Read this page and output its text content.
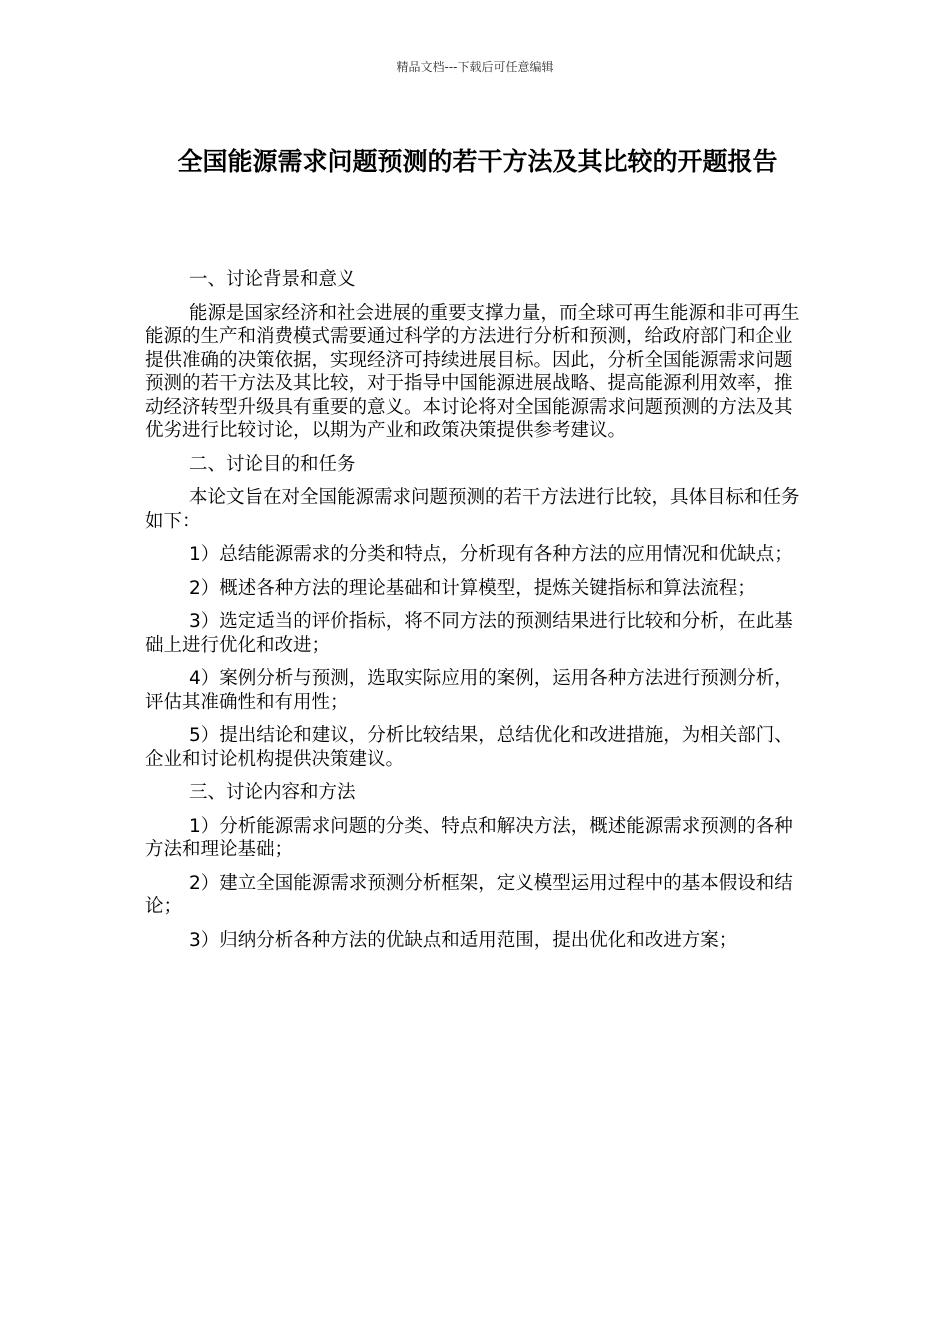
精品文档---下载后可任意编辑
全国能源需求问题预测的若干方法及其比较的开题报告

一、讨论背景和意义

能源是国家经济和社会进展的重要支撑力量，而全球可再生能源和非可再生能源的生产和消费模式需要通过科学的方法进行分析和预测，给政府部门和企业提供准确的决策依据，实现经济可持续进展目标。因此，分析全国能源需求问题预测的若干方法及其比较，对于指导中国能源进展战略、提高能源利用效率，推动经济转型升级具有重要的意义。本讨论将对全国能源需求问题预测的方法及其优劣进行比较讨论，以期为产业和政策决策提供参考建议。

二、讨论目的和任务

本论文旨在对全国能源需求问题预测的若干方法进行比较，具体目标和任务如下：

1）总结能源需求的分类和特点，分析现有各种方法的应用情况和优缺点；

2）概述各种方法的理论基础和计算模型，提炼关键指标和算法流程；

3）选定适当的评价指标，将不同方法的预测结果进行比较和分析，在此基础上进行优化和改进；

4）案例分析与预测，选取实际应用的案例，运用各种方法进行预测分析，评估其准确性和有用性；

5）提出结论和建议，分析比较结果，总结优化和改进措施，为相关部门、企业和讨论机构提供决策建议。

三、讨论内容和方法

1）分析能源需求问题的分类、特点和解决方法，概述能源需求预测的各种方法和理论基础；

2）建立全国能源需求预测分析框架，定义模型运用过程中的基本假设和结论；

3）归纳分析各种方法的优缺点和适用范围，提出优化和改进方案；
